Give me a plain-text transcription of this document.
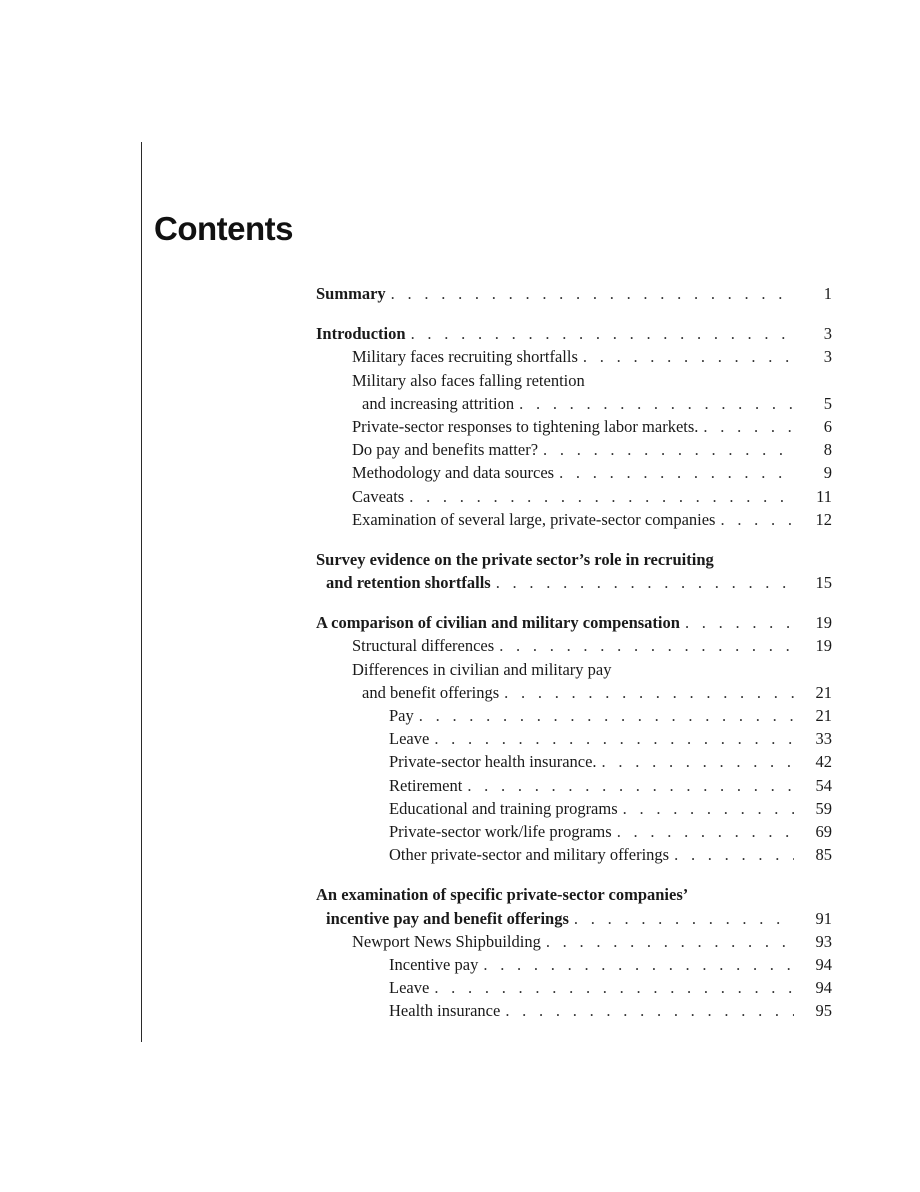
Contents
Summary . . .	1
Introduction . . .	3
Military faces recruiting shortfalls . . .	3
Military also faces falling retention
and increasing attrition . . .	5
Private-sector responses to tightening labor markets. . . .	6
Do pay and benefits matter? . . .	8
Methodology and data sources . . .	9
Caveats . . .	11
Examination of several large, private-sector companies . . .	12
Survey evidence on the private sector’s role in recruiting
and retention shortfalls . . .	15
A comparison of civilian and military compensation . . .	19
Structural differences . . .	19
Differences in civilian and military pay
and benefit offerings . . .	21
Pay . . .	21
Leave . . .	33
Private-sector health insurance. . . .	42
Retirement . . .	54
Educational and training programs . . .	59
Private-sector work/life programs . . .	69
Other private-sector and military offerings . . .	85
An examination of specific private-sector companies’
incentive pay and benefit offerings . . .	91
Newport News Shipbuilding . . .	93
Incentive pay . . .	94
Leave . . .	94
Health insurance . . .	95
